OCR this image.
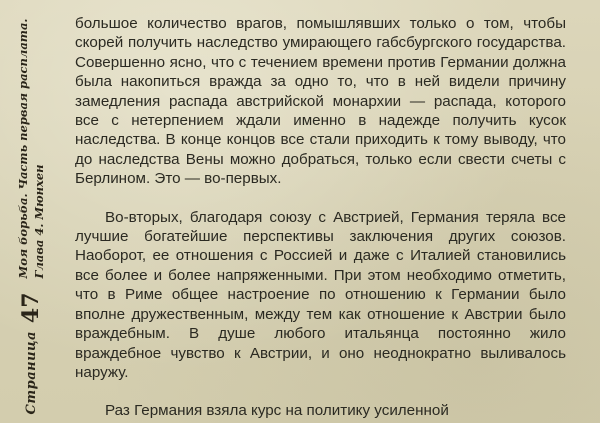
Страница
47
Моя борьба. Часть первая расплата. Глава 4. Мюнхен

большое количество врагов, помышлявших только о том, чтобы скорей получить наследство умирающего габсбургского государства. Совершенно ясно, что с течением времени против Германии должна была накопиться вражда за одно то, что в ней видели причину замедления распада австрийской монархии — распада, которого все с нетерпением ждали именно в надежде получить кусок наследства. В конце концов все стали приходить к тому выводу, что до наследства Вены можно добраться, только если свести счеты с Берлином. Это — во-первых.

Во-вторых, благодаря союзу с Австрией, Германия теряла все лучшие богатейшие перспективы заключения других союзов. Наоборот, ее отношения с Россией и даже с Италией становились все более и более напряженными. При этом необходимо отметить, что в Риме общее настроение по отношению к Германии было вполне дружественным, между тем как отношение к Австрии было враждебным. В душе любого итальянца постоянно жило враждебное чувство к Австрии, и оно неоднократно выливалось наружу.

Раз Германия взяла курс на политику усиленной
